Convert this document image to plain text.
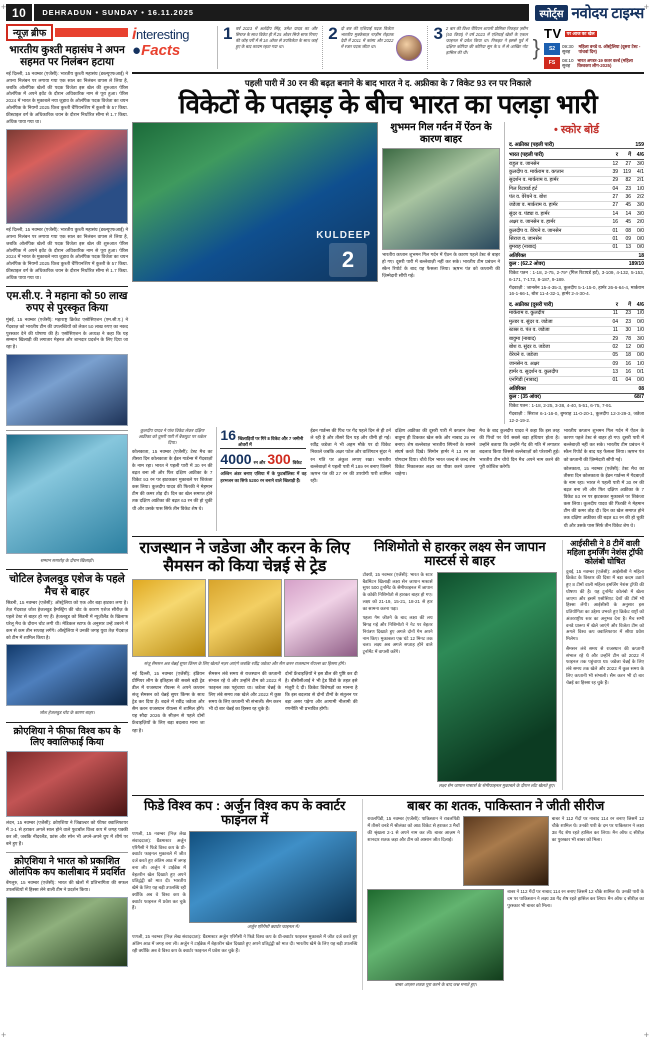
+	+
+	+
10	DEHRADUN • SUNDAY • 16.11.2025	स्पोर्ट्स नवोदय टाइम्स
न्यूज़ ब्रीफ
भारतीय कुश्ती महासंघ ने अपन सहमत पर निलंबन हटाया
नई दिल्ली, 15 नवम्बर (एजेंसी): भारतीय कुश्ती महासंघ (डब्ल्यूएफआई) ने अपना निलंबन पर लगाया गया एक साल का निलंबन वापस ले लिया है, जबकि ओलंपिक खेलों की पदक विजेता इस खेल की शुरुआत पेरिस ओलंपिक में अपने इवेंट के दौरान अधिकारिक नाम से पूरा हुआ। पेरिस 2024 में भारत के मुकाबले नया जुड़ाव के ओलंपिक पदक विजेता का चयन ओलंपिक के नियमों 2025 विश्व कुश्ती चैंपियनशिप में कुश्ती के 57 किग्रा. फ्रीस्टाइल वर्ग के अधिकारिक चयन के दौरान निर्धारित सीमा से 1.7 किग्रा. अधिक पाया गया था।
नई दिल्ली, 15 नवम्बर (एजेंसी): भारतीय कुश्ती महासंघ (डब्ल्यूएफआई) ने अपना निलंबन पर लगाया गया एक साल का निलंबन वापस ले लिया है, जबकि ओलंपिक खेलों की पदक विजेता इस खेल की शुरुआत पेरिस ओलंपिक में अपने इवेंट के दौरान अधिकारिक नाम से पूरा हुआ। पेरिस 2024 में भारत के मुकाबले नया जुड़ाव के ओलंपिक पदक विजेता का चयन ओलंपिक के नियमों 2025 विश्व कुश्ती चैंपियनशिप में कुश्ती के 57 किग्रा. फ्रीस्टाइल वर्ग के अधिकारिक चयन के दौरान निर्धारित सीमा से 1.7 किग्रा. अधिक पाया गया था।
एम.सी.ए. ने महाना को 50 लाख रुपए से पुरस्कृत किया
मुंबई, 15 नवम्बर (एजेंसी): महाराष्ट्र क्रिकेट एसोसिएशन (एम.सी.ए.) ने गेंदबाज़ को भारतीय टीम की उपलब्धियों को लेकर 50 लाख रुपए का नकद पुरस्कार देने की घोषणा की है। एसोसिएशन के अध्यक्ष ने कहा कि यह सम्मान खिलाड़ी की लगातार मेहनत और शानदार प्रदर्शन के लिए दिया जा रहा है।
सम्मान समारोह के दौरान खिलाड़ी।
चोटिल हेजलवुड एशेज के पहले मैच से बाहर
सिडनी, 15 नवम्बर (एजेंसी): ऑस्ट्रेलिया को एक और बड़ा झटका लगा है। तेज़ गेंदबाज़ जोश हेजलवुड हैमस्ट्रिंग की चोट के कारण एशेज सीरीज़ के पहले टेस्ट से बाहर हो गए हैं। हेजलवुड को सिडनी में न्यूज़ीलैंड के खिलाफ घरेलू मैच के दौरान चोट लगी थी। मेडिकल स्टाफ के अनुसार उन्हें उबरने में कम से कम तीन सप्ताह लगेंगे। ऑस्ट्रेलिया ने उनकी जगह युवा तेज़ गेंदबाज़ को टीम में शामिल किया है।
जोश हेजलवुड चोट के कारण बाहर।
क्रोएशिया ने फीफा विश्व कप के लिए क्वालिफाई किया
लंदन, 15 नवम्बर (एजेंसी): क्रोएशिया ने जिब्राल्टर को फीफा क्वालिफायर में 3-1 से हराकर अगले साल होने वाले फुटबॉल विश्व कप में जगह पक्की कर ली, जबकि नीदरलैंड, फ्रांस और स्पेन भी अपने-अपने ग्रुप में शीर्ष पर बने हुए हैं।
क्रोएशिया ने भारत को प्रकाशित ओलंपिक कप कालीबाद में प्रदर्शित
बेंगलुरु, 15 नवम्बर (एजेंसी): भारत की खेलों में प्रतिभागिता की सफल उपलब्धियों में हिस्सा लेने वाली टीम ने प्रदर्शन किया।
interesting
●Facts
1 वर्ष 2023 में अर्शदीप सिंह, उमेश यादव का और सिराज के साथ विकेट ही में 25 ओवर सिर्फ साफ गिराए की जोड़ परीं में से 18 ओवर से उपविजेता के साथ जाई हुए के बाद कायम रहता गया था।
2 दो बार की एशियाई पदक विजेता भारतीय मुक्केबाज़ नाज़ीम रोहतक देवी में 2011 में कांस्य और 2022 में रजत पदक जीता था।
3 2 बार की विश्व चैंपियन शायनी प्रोमिला निकहत ज़रीन (50 किग्रा) ने वर्ष 2023 में एशियाई खेलों के एकल फाइनल में प्रवेश किया था। निकहत ने इससे पूर्व में दक्षिण कोरिया की कोरिया सून के 5 में से आखिर नोट हासिल की थी।	}
TV	पर आज का खेल
S2	09:30
सुबह
महिला वनडे व. ऑस्ट्रेलिया (दूसरा टेस्ट - पांचवां दिन)
FS	08:10
सुबह
भारत अण्डर-19 कतर वर्ल्ड (महिला विश्वकप लीग-2025)
पहली पारी में 30 रन की बढ़त बनाने के बाद भारत ने द. अफ्रीका के 7 विकेट 93 रन पर निकाले
विकेटों के पतझड़ के बीच भारत का पलड़ा भारी
2
KULDEEP
शुभमन गिल गर्दन में ऐंठन के कारण बाहर
भारतीय कप्तान शुभमन गिल गर्दन में ऐंठन के कारण पहले टेस्ट से बाहर हो गए। दूसरी पारी में बल्लेबाज़ी नहीं कर सके। भारतीय टीम प्रबंधन ने स्कैन रिपोर्ट के बाद यह फैसला लिया। ऋषभ पंत को कप्तानी की ज़िम्मेदारी सौंपी गई।
• स्कोर बोर्ड
द. अफ्रीका (पहली पारी)	159		
भारत (पहली पारी)	र	गें	4/6
राहुल व. जानसेन	12	27	3/0
कुलदीप व. मार्कराम व. कप्तान	39	119	4/1
सुदर्शन व. मार्कराम व. हार्मर	29	82	2/1
गिल रिटायर्ड हर्ट	04	23	1/0
पंत व. वेरेयने व. बोश	27	36	2/2
जडेजा व. मार्कराम व. हार्मर	27	45	3/0
सुंदर व. पंड्या व. हार्मर	14	14	3/0
अक्षर व. जानसेन व. हार्मर	16	45	2/0
कुलदीप व. वेरेयने व. जानसेन	01	08	0/0
सिराज व. जानसेन	01	09	0/0
बुमराह (नाबाद)	01	13	0/0
अतिरिक्त	18		
कुल : (62.2 ओवर)	189/10		
विकेट पतन : 1-18, 2-75, 2-79* (गिल रिटायर्ड हर्ट), 3-109, 4-132, 5-153, 6-171, 7-172, 8-187, 9-189.
गेंदबाज़ी : जानसेन 15-4-35-3, कुलदीप 5-1-15-0, हार्मर 26-6-64-4, मार्कराम 16-1-66-1, बोश 11-4-32-1, हार्मर 2-4-30-4.
द. अफ्रीका (दूसरी पारी)	र	गें	4/6
मार्कराम व. कुलदीप	11	23	1/0
मुल्डर व. सुंदर व. जडेजा	04	23	0/0
स्टब्स व. पंत व. जडेजा	11	30	1/0
बावुमा (नाबाद)	29	78	3/0
बोश व. सुंदर व. जडेजा	02	12	0/0
वेरेयने व. जडेजा	05	18	0/0
जानसेन व. अक्षर	09	16	1/0
हार्मर व. सुदर्शन व. कुलदीप	13	16	0/1
एनगिडी (नाबाद)	01	04	0/0
अतिरिक्त	08		
कुल : (35 ओवर)	68/7		
विकेट पतन : 1-18, 2-25, 3-38, 4-40, 5-51, 6-75, 7-91.
गेंदबाज़ी : सिराज 6-1-16-0, बुमराह 11-0-20-1, कुलदीप 12-3-29-3, जडेजा 12-2-19-2.
कुलदीप यादव ने पांच विकेट लेकर दक्षिण अफ्रीका को दूसरी पारी में बैकफुट पर धकेल दिया।

कोलकाता, 15 नवम्बर (एजेंसी): टेस्ट मैच का तीसरा दिन कोलकाता के ईडन गार्डन्स में गेंदबाज़ों के नाम रहा। भारत ने पहली पारी में 30 रन की बढ़त बना ली और फिर दक्षिण अफ्रीका के 7 विकेट 93 रन पर झटककर मुकाबले पर शिकंजा कस लिया। कुलदीप यादव की फिरकी ने मेहमान टीम की कमर तोड़ दी। दिन का खेल समाप्त होने तक दक्षिण अफ्रीका की बढ़त 63 रन की हो चुकी थी और उसके पास सिर्फ तीन विकेट शेष थे।

16 खिलाड़ियों पर गिरे 8 विकेट और 7 जमीनी ओवरों में
4000 रन और 300 विकेट
अश्विन अंडर बनाए एशिया में के फुटबॉलिस्ट में वह हरभजन का सिर्फ 5200 रन बनाने वाले खिलाड़ी हैं।

ईडन गार्डन्स की पिच पर गेंद पहले दिन से ही टर्न ले रही है और तीसरे दिन यह और धीमी हो गई। रवींद्र जडेजा ने भी अहम मौके पर दो विकेट निकाले जबकि अक्षर पटेल और वाशिंगटन सुंदर ने रन गति पर अंकुश लगाए रखा। भारतीय बल्लेबाज़ों ने पहली पारी में 189 रन बनाए जिसमें ऋषभ पंत की 27 रन की उपयोगी पारी शामिल रही।

दक्षिण अफ्रीका की दूसरी पारी में कप्तान तेम्बा बावुमा ही टिककर खेल सके और नाबाद 29 रन बनाए। शेष बल्लेबाज़ भारतीय स्पिनरों के सामने संघर्ष करते दिखे। सिमोन हार्मर ने 13 रन का योगदान दिया। चौथे दिन भारत जल्द से जल्द शेष विकेट निकालकर लक्ष्य का पीछा करने उतरना चाहेगा।

मैच के बाद कुलदीप यादव ने कहा कि इस तरह की पिचों पर धैर्य सबसे बड़ा हथियार होता है। उन्होंने बताया कि उन्होंने गेंद की गति में लगातार बदलाव किया जिससे बल्लेबाज़ों को परेशानी हुई। भारतीय टीम चौथे दिन मैच अपने नाम करने की पूरी कोशिश करेगी।

भारतीय कप्तान शुभमन गिल गर्दन में ऐंठन के कारण पहले टेस्ट से बाहर हो गए। दूसरी पारी में बल्लेबाज़ी नहीं कर सके। भारतीय टीम प्रबंधन ने स्कैन रिपोर्ट के बाद यह फैसला लिया। ऋषभ पंत को कप्तानी की ज़िम्मेदारी सौंपी गई।

कोलकाता, 15 नवम्बर (एजेंसी): टेस्ट मैच का तीसरा दिन कोलकाता के ईडन गार्डन्स में गेंदबाज़ों के नाम रहा। भारत ने पहली पारी में 30 रन की बढ़त बना ली और फिर दक्षिण अफ्रीका के 7 विकेट 93 रन पर झटककर मुकाबले पर शिकंजा कस लिया। कुलदीप यादव की फिरकी ने मेहमान टीम की कमर तोड़ दी। दिन का खेल समाप्त होने तक दक्षिण अफ्रीका की बढ़त 63 रन की हो चुकी थी और उसके पास सिर्फ तीन विकेट शेष थे।

राजस्थान ने जडेजा और करन के लिए सैमसन को किया चेन्नई से ट्रेड
संजू सैमसन अब चेन्नई सुपर किंग्स के लिए खेलते नज़र आएंगे जबकि रवींद्र जडेजा और सैम करन राजस्थान रॉयल्स का हिस्सा होंगे।

नई दिल्ली, 15 नवम्बर (एजेंसी): इंडियन प्रीमियर लीग के इतिहास की सबसे बड़ी ट्रेड डील में राजस्थान रॉयल्स ने अपने कप्तान संजू सैमसन को चेन्नई सुपर किंग्स के साथ ट्रेड कर दिया है। बदले में रवींद्र जडेजा और सैम करन राजस्थान रॉयल्स में शामिल होंगे। यह सौदा 2026 के सीज़न से पहले दोनों फ्रेंचाइज़ियों के लिए बड़ा बदलाव माना जा रहा है।

सैमसन लंबे समय से राजस्थान की कप्तानी संभाल रहे थे और उन्होंने टीम को 2022 में फाइनल तक पहुंचाया था। जडेजा चेन्नई के लिए लंबे समय तक खेले और 2022 में कुछ समय के लिए कप्तानी भी संभाली। सैम करन भी दो बार चेन्नई का हिस्सा रह चुके हैं।

दोनों फ्रेंचाइज़ियों ने इस डील की पुष्टि कर दी है। बीसीसीआई ने भी ट्रेड विंडो के तहत इसे मंज़ूरी दे दी। क्रिकेट विशेषज्ञों का मानना है कि इस बदलाव से दोनों टीमों के संतुलन पर बड़ा असर पड़ेगा और आगामी नीलामी की रणनीति भी प्रभावित होगी।

निशिमोतो से हारकर लक्ष्य सेन जापान मास्टर्स से बाहर
टोक्यो, 15 नवम्बर (एजेंसी): भारत के स्टार बैडमिंटन खिलाड़ी लक्ष्य सेन जापान मास्टर्स सुपर 500 टूर्नामेंट के सेमीफाइनल में जापान के कोकी निशिमोतो से हारकर बाहर हो गए। लक्ष्य को 21-19, 15-21, 18-21 से हार का सामना करना पड़ा।
पहला गेम जीतने के बाद लक्ष्य की लय बिगड़ गई और निशिमोतो ने नेट पर बेहतर नियंत्रण दिखाते हुए अगले दोनों गेम अपने नाम किए। मुकाबला एक घंटे 12 मिनट तक चला। लक्ष्य अब अगले सप्ताह होने वाले टूर्नामेंट में वापसी करेंगे।
लक्ष्य सेन जापान मास्टर्स के सेमीफाइनल मुकाबले के दौरान शॉट खेलते हुए।
आईसीसी ने 8 टीमें वाली महिला इमर्जिंग नेशंस ट्रॉफी कोलंबो घोषित
दुबई, 15 नवम्बर (एजेंसी): आईसीसी ने महिला क्रिकेट के विस्तार की दिशा में बड़ा कदम उठाते हुए 8 टीमों वाली महिला इमर्जिंग नेशंस ट्रॉफी की घोषणा की है। यह टूर्नामेंट कोलंबो में खेला जाएगा और इसमें एसोसिएट देशों की टीमें भी हिस्सा लेंगी। आईसीसी के अनुसार इस प्रतियोगिता का उद्देश्य उभरते हुए क्रिकेट राष्ट्रों को अंतरराष्ट्रीय स्तर का अनुभव देना है। मैच सभी वनडे प्रारूप में खेले जाएंगे और विजेता टीम को अगले विश्व कप क्वालिफायर में सीधा प्रवेश मिलेगा।
सैमसन लंबे समय से राजस्थान की कप्तानी संभाल रहे थे और उन्होंने टीम को 2022 में फाइनल तक पहुंचाया था। जडेजा चेन्नई के लिए लंबे समय तक खेले और 2022 में कुछ समय के लिए कप्तानी भी संभाली। सैम करन भी दो बार चेन्नई का हिस्सा रह चुके हैं।
फिडे विश्व कप : अर्जुन विश्व कप के क्वार्टर फाइनल में
पणजी, 15 नवम्बर (निज़ लेख संवाददाता): ग्रैंडमास्टर अर्जुन एरिगैसी ने फिडे विश्व कप के प्री-क्वार्टर फाइनल मुकाबले में जीत दर्ज करते हुए अंतिम आठ में जगह बना ली। अर्जुन ने टाईब्रेक में बेहतरीन खेल दिखाते हुए अपने प्रतिद्वंद्वी को मात दी। भारतीय खेमे के लिए यह बड़ी उपलब्धि रही क्योंकि अब वे विश्व कप के क्वार्टर फाइनल में प्रवेश कर चुके हैं।
अर्जुन एरिगैसी क्वार्टर फाइनल में।
पणजी, 15 नवम्बर (निज़ लेख संवाददाता): ग्रैंडमास्टर अर्जुन एरिगैसी ने फिडे विश्व कप के प्री-क्वार्टर फाइनल मुकाबले में जीत दर्ज करते हुए अंतिम आठ में जगह बना ली। अर्जुन ने टाईब्रेक में बेहतरीन खेल दिखाते हुए अपने प्रतिद्वंद्वी को मात दी। भारतीय खेमे के लिए यह बड़ी उपलब्धि रही क्योंकि अब वे विश्व कप के क्वार्टर फाइनल में प्रवेश कर चुके हैं।
बाबर का शतक, पाकिस्तान ने जीती सीरीज
रावलपिंडी, 15 नवम्बर (एजेंसी): पाकिस्तान ने रावलपिंडी में तीसरे वनडे में श्रीलंका को आठ विकेट से हराकर 3 मैचों की श्रृंखला 2-1 से अपने नाम कर ली। बाबर आज़म ने शानदार शतक जड़ा और टीम को आसान जीत दिलाई।
बाबर ने 112 गेंदों पर नाबाद 114 रन बनाए जिसमें 12 चौके शामिल थे। उनकी पारी के दम पर पाकिस्तान ने लक्ष्य 38 गेंद शेष रहते हासिल कर लिया। मैन ऑफ द सीरीज़ का पुरस्कार भी बाबर को मिला।
बाबर आज़म शतक पूरा करने के बाद जश्न मनाते हुए।
बाबर ने 112 गेंदों पर नाबाद 114 रन बनाए जिसमें 12 चौके शामिल थे। उनकी पारी के दम पर पाकिस्तान ने लक्ष्य 38 गेंद शेष रहते हासिल कर लिया। मैन ऑफ द सीरीज़ का पुरस्कार भी बाबर को मिला।
